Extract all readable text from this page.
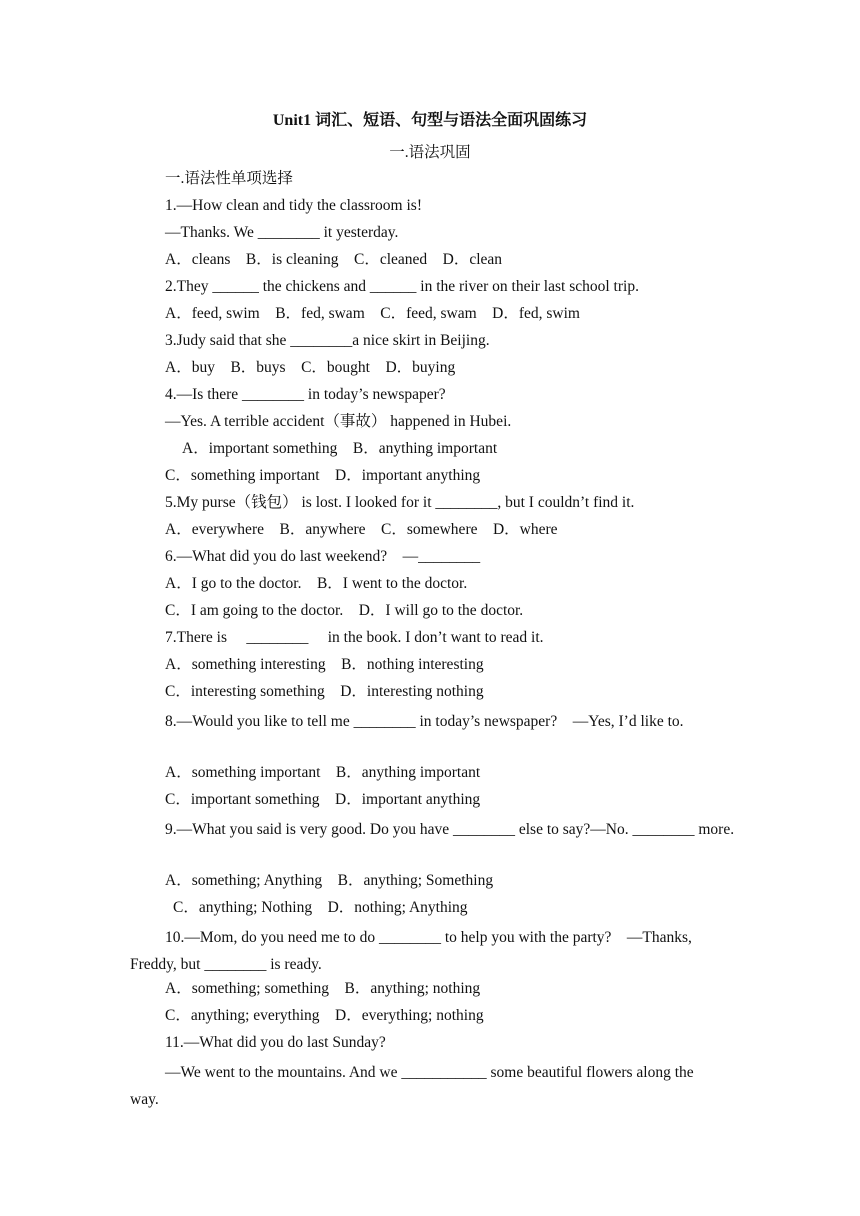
Unit1 词汇、短语、句型与语法全面巩固练习
一.语法巩固
一.语法性单项选择
1.—How clean and tidy the classroom is!
—Thanks. We ________ it yesterday.
A．cleans　B．is cleaning　C．cleaned　D．clean
2.They ______ the chickens and ______ in the river on their last school trip.
A．feed, swim　B．fed, swam　C．feed, swam　D．fed, swim
3.Judy said that she ________a nice skirt in Beijing.
A．buy　B．buys　C．bought　D．buying
4.—Is there ________ in today’s newspaper?
—Yes. A terrible accident（事故） happened in Hubei.
A．important something　B．anything important
C．something important　D．important anything
5.My purse（钱包） is lost. I looked for it ________, but I couldn’t find it.
A．everywhere　B．anywhere　C．somewhere　D．where
6.—What did you do last weekend?　—________
A．I go to the doctor.　B．I went to the doctor.
C．I am going to the doctor.　D．I will go to the doctor.
7.There is 　________ 　in the book. I don’t want to read it.
A．something interesting　B．nothing interesting
C．interesting something　D．interesting nothing
8.—Would you like to tell me ________ in today’s newspaper?　—Yes, I’d like to.
A．something important　B．anything important
C．important something　D．important anything
9.—What you said is very good. Do you have ________ else to say?—No. ________ more.
A．something; Anything　B．anything; Something
C．anything; Nothing　D．nothing; Anything
10.—Mom, do you need me to do ________ to help you with the party?　—Thanks, Freddy, but ________ is ready.
A．something; something　B．anything; nothing
C．anything; everything　D．everything; nothing
11.—What did you do last Sunday?
—We went to the mountains. And we ___________ some beautiful flowers along the way.
